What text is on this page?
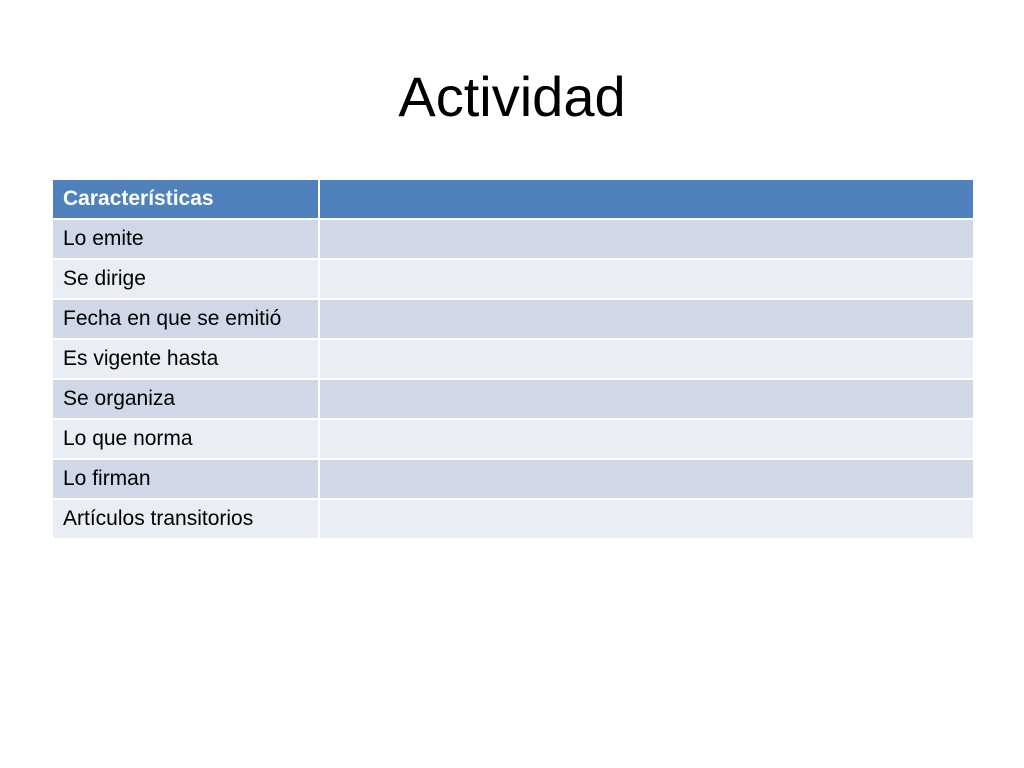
Actividad
Características	
Lo emite	
Se dirige	
Fecha en que se emitió	
Es vigente hasta	
Se organiza	
Lo que norma	
Lo firman	
Artículos transitorios	
